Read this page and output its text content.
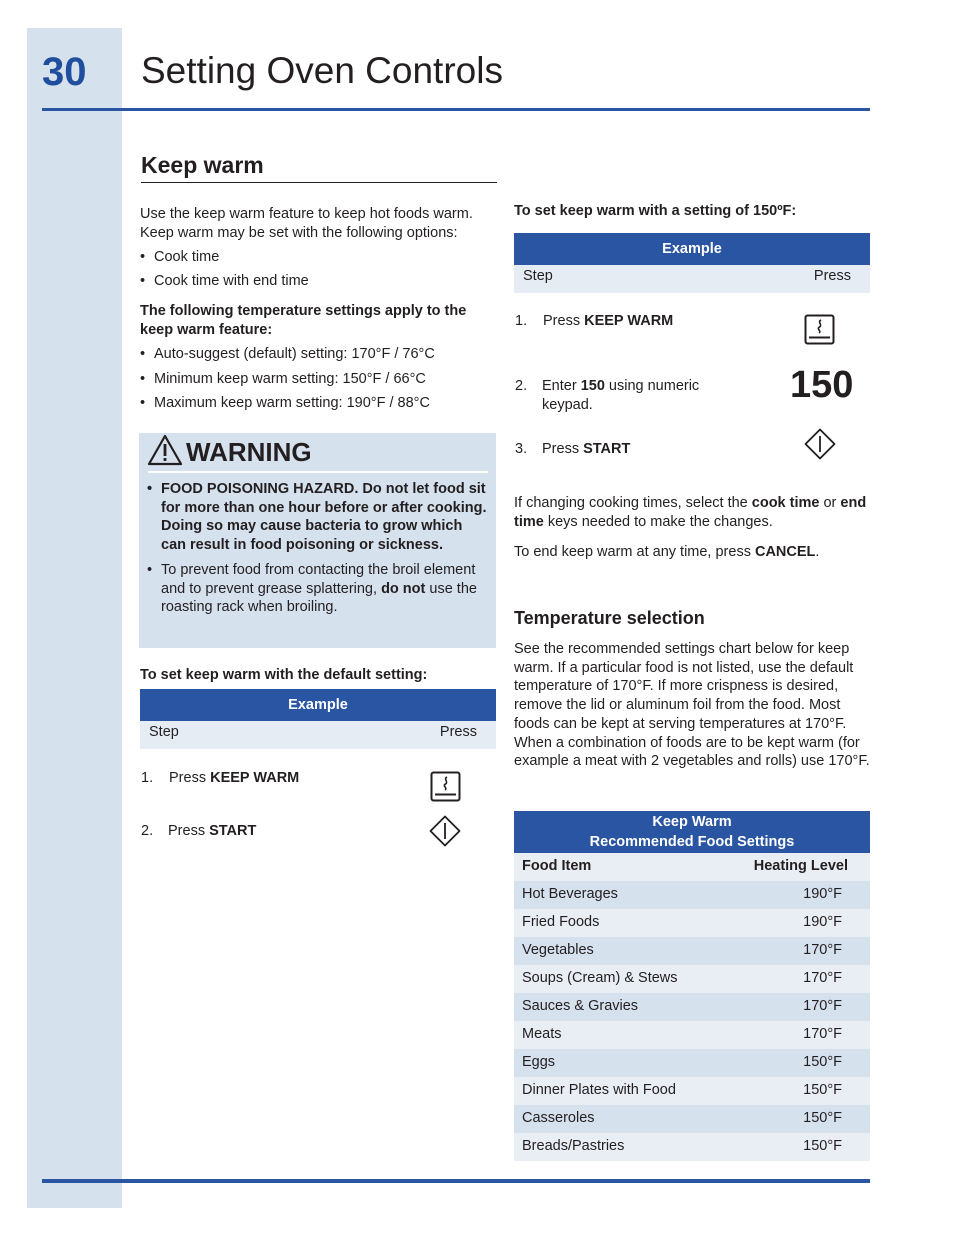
30 Setting Oven Controls
Keep warm

Use the keep warm feature to keep hot foods warm. Keep warm may be set with the following options:

• Cook time
• Cook time with end time

The following temperature settings apply to the keep warm feature:

• Auto-suggest (default) setting: 170°F / 76°C
• Minimum keep warm setting: 150°F / 66°C
• Maximum keep warm setting: 190°F / 88°C
WARNING
• FOOD POISONING HAZARD. Do not let food sit for more than one hour before or after cooking. Doing so may cause bacteria to grow which can result in food poisoning or sickness.
• To prevent food from contacting the broil element and to prevent grease splattering, do not use the roasting rack when broiling.

To set keep warm with the default setting:

Example
Step	Press
1. Press KEEP WARM
2. Press START

To set keep warm with a setting of 150ºF:

Example
Step	Press
1. Press KEEP WARM
2. Enter 150 using numeric
keypad.	150
3. Press START

If changing cooking times, select the cook time or end time keys needed to make the changes.

To end keep warm at any time, press CANCEL.

Temperature selection

See the recommended settings chart below for keep warm. If a particular food is not listed, use the default temperature of 170°F. If more crispness is desired, remove the lid or aluminum foil from the food. Most foods can be kept at serving temperatures at 170°F. When a combination of foods are to be kept warm (for example a meat with 2 vegetables and rolls) use 170°F.

Keep Warm
Recommended Food Settings
Food Item	Heating Level
Hot Beverages	190°F
Fried Foods	190°F
Vegetables	170°F
Soups (Cream) & Stews	170°F
Sauces & Gravies	170°F
Meats	170°F
Eggs	150°F
Dinner Plates with Food	150°F
Casseroles	150°F
Breads/Pastries	150°F
